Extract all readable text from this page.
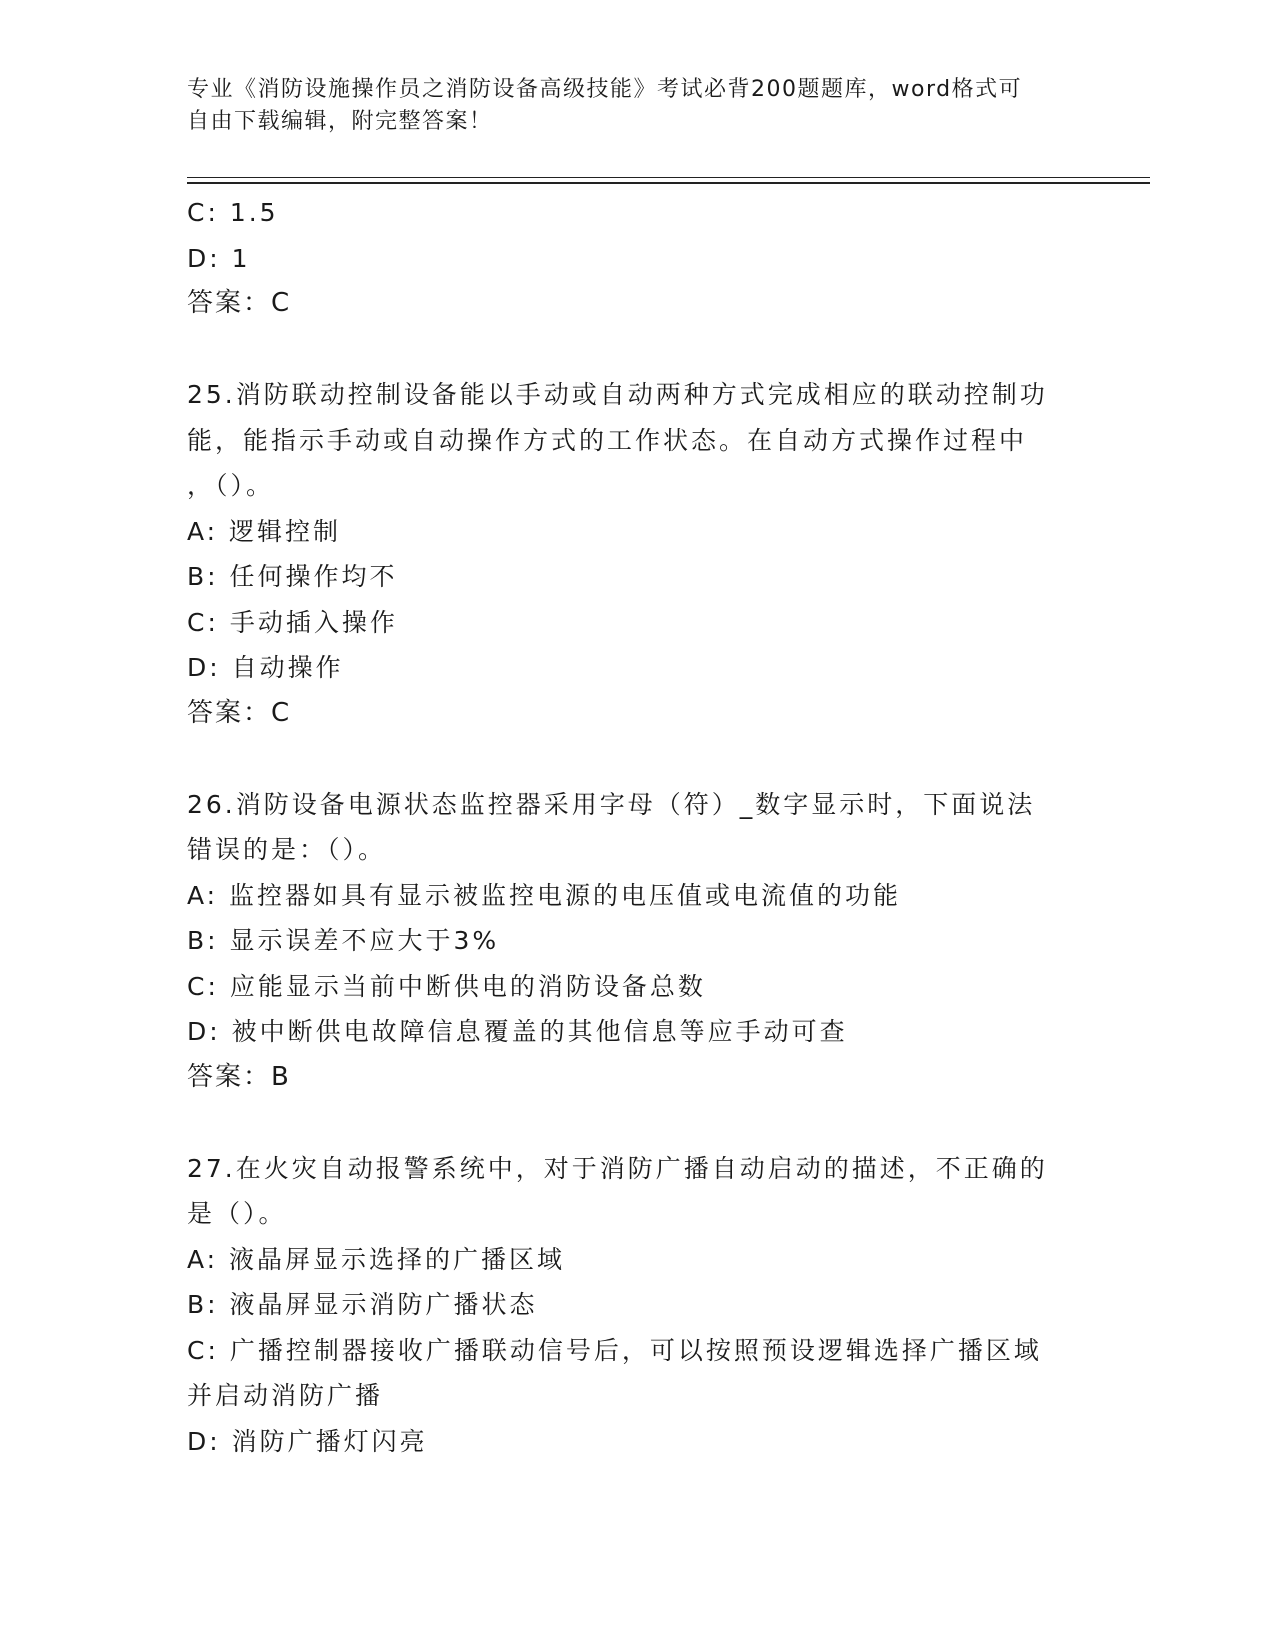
专业《消防设施操作员之消防设备高级技能》考试必背200题题库，word格式可
自由下载编辑，附完整答案！
C: 1.5
D: 1
答案：C
25.消防联动控制设备能以手动或自动两种方式完成相应的联动控制功
能，能指示手动或自动操作方式的工作状态。在自动方式操作过程中
，（）。
A: 逻辑控制
B: 任何操作均不
C: 手动插入操作
D: 自动操作
答案：C
26.消防设备电源状态监控器采用字母（符）_数字显示时，下面说法
错误的是：（）。
A: 监控器如具有显示被监控电源的电压值或电流值的功能
B: 显示误差不应大于3%
C: 应能显示当前中断供电的消防设备总数
D: 被中断供电故障信息覆盖的其他信息等应手动可查
答案：B
27.在火灾自动报警系统中，对于消防广播自动启动的描述，不正确的
是（）。
A: 液晶屏显示选择的广播区域
B: 液晶屏显示消防广播状态
C: 广播控制器接收广播联动信号后，可以按照预设逻辑选择广播区域
并启动消防广播
D: 消防广播灯闪亮
